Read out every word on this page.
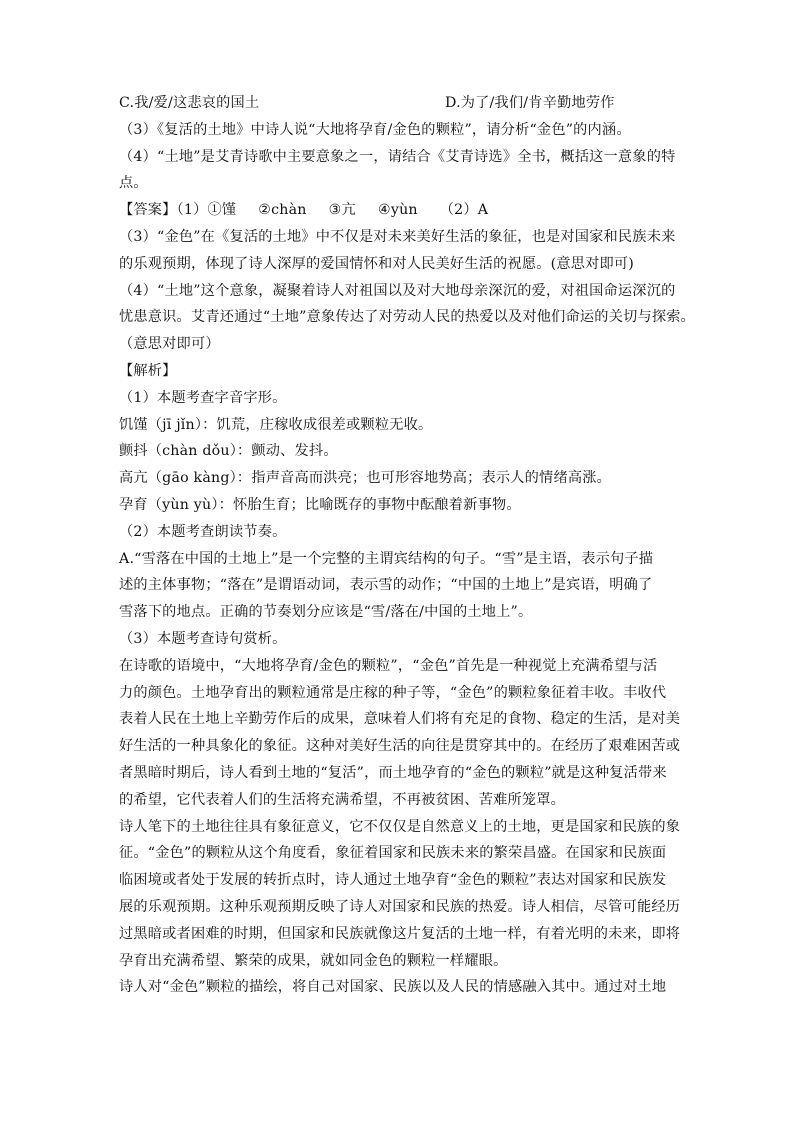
C.我/爱/这悲哀的国土	D.为了/我们/肯辛勤地劳作
（3）《复活的土地》中诗人说“大地将孕育/金色的颗粒”，请分析“金色”的内涵。
（4）“土地”是艾青诗歌中主要意象之一，请结合《艾青诗选》全书，概括这一意象的特
点。
【答案】（1）①馑 ②chàn ③亢 ④yùn （2）A
（3）“金色”在《复活的土地》中不仅是对未来美好生活的象征，也是对国家和民族未来
的乐观预期，体现了诗人深厚的爱国情怀和对人民美好生活的祝愿。(意思对即可)
（4）“土地”这个意象，凝聚着诗人对祖国以及对大地母亲深沉的爱，对祖国命运深沉的
忧患意识。艾青还通过“土地”意象传达了对劳动人民的热爱以及对他们命运的关切与探索。
（意思对即可）
【解析】
（1）本题考查字音字形。
饥馑（jī jǐn）：饥荒，庄稼收成很差或颗粒无收。
颤抖（chàn dǒu）：颤动、发抖。
高亢（gāo kàng）：指声音高而洪亮；也可形容地势高；表示人的情绪高涨。
孕育（yùn yù）：怀胎生育；比喻既存的事物中酝酿着新事物。
（2）本题考查朗读节奏。
A.“雪落在中国的土地上”是一个完整的主谓宾结构的句子。“雪”是主语，表示句子描
述的主体事物；“落在”是谓语动词，表示雪的动作；“中国的土地上”是宾语，明确了
雪落下的地点。正确的节奏划分应该是“雪/落在/中国的土地上”。
（3）本题考查诗句赏析。
在诗歌的语境中，“大地将孕育/金色的颗粒”，“金色”首先是一种视觉上充满希望与活
力的颜色。土地孕育出的颗粒通常是庄稼的种子等，“金色”的颗粒象征着丰收。丰收代
表着人民在土地上辛勤劳作后的成果，意味着人们将有充足的食物、稳定的生活，是对美
好生活的一种具象化的象征。这种对美好生活的向往是贯穿其中的。在经历了艰难困苦或
者黑暗时期后，诗人看到土地的“复活”，而土地孕育的“金色的颗粒”就是这种复活带来
的希望，它代表着人们的生活将充满希望，不再被贫困、苦难所笼罩。
诗人笔下的土地往往具有象征意义，它不仅仅是自然意义上的土地，更是国家和民族的象
征。“金色”的颗粒从这个角度看，象征着国家和民族未来的繁荣昌盛。在国家和民族面
临困境或者处于发展的转折点时，诗人通过土地孕育“金色的颗粒”表达对国家和民族发
展的乐观预期。这种乐观预期反映了诗人对国家和民族的热爱。诗人相信，尽管可能经历
过黑暗或者困难的时期，但国家和民族就像这片复活的土地一样，有着光明的未来，即将
孕育出充满希望、繁荣的成果，就如同金色的颗粒一样耀眼。
诗人对“金色”颗粒的描绘，将自己对国家、民族以及人民的情感融入其中。通过对土地
